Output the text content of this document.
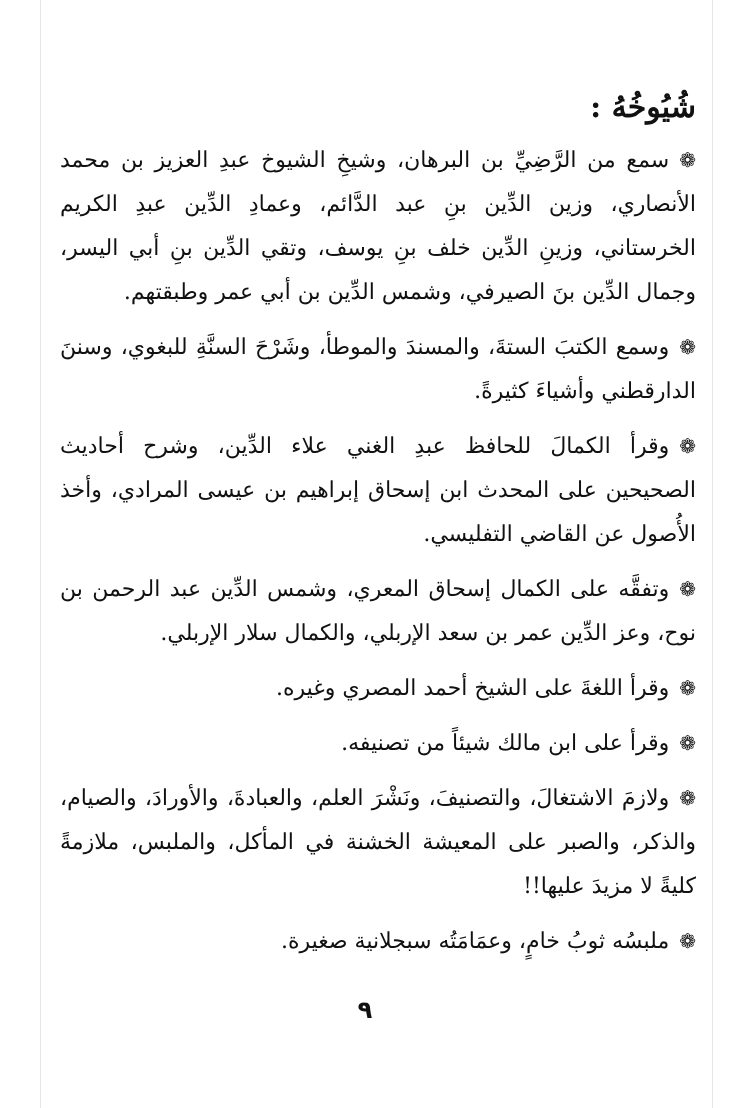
شُيُوخُهُ :

❁سمع من الرَّضِيِّ بن البرهان، وشيخِ الشيوخ عبدِ العزيز بن محمد الأنصاري، وزين الدِّين بنِ عبد الدَّائم، وعمادِ الدِّين عبدِ الكريم الخرستاني، وزينِ الدِّين خلف بنِ يوسف، وتقي الدِّين بنِ أبي اليسر، وجمال الدِّين بنَ الصيرفي، وشمس الدِّين بن أبي عمر وطبقتهم.

❁وسمع الكتبَ الستةَ، والمسندَ والموطأ، وشَرْحَ السنَّةِ للبغوي، وسننَ الدارقطني وأشياءَ كثيرةً.

❁وقرأ الكمالَ للحافظ عبدِ الغني علاء الدِّين، وشرح أحاديث الصحيحين على المحدث ابن إسحاق إبراهيم بن عيسى المرادي، وأخذ الأُصول عن القاضي التفليسي.

❁وتفقَّه على الكمال إسحاق المعري، وشمس الدِّين عبد الرحمن بن نوح، وعز الدِّين عمر بن سعد الإربلي، والكمال سلار الإربلي.

❁وقرأ اللغةَ على الشيخ أحمد المصري وغيره.

❁وقرأ على ابن مالك شيئاً من تصنيفه.

❁ولازمَ الاشتغالَ، والتصنيفَ، ونَشْرَ العلم، والعبادةَ، والأورادَ، والصيام، والذكر، والصبر على المعيشة الخشنة في المأكل، والملبس، ملازمةً كليةً لا مزيدَ عليها!!

❁ملبسُه ثوبُ خامٍ، وعمَامَتُه سبجلانية صغيرة.

٩
